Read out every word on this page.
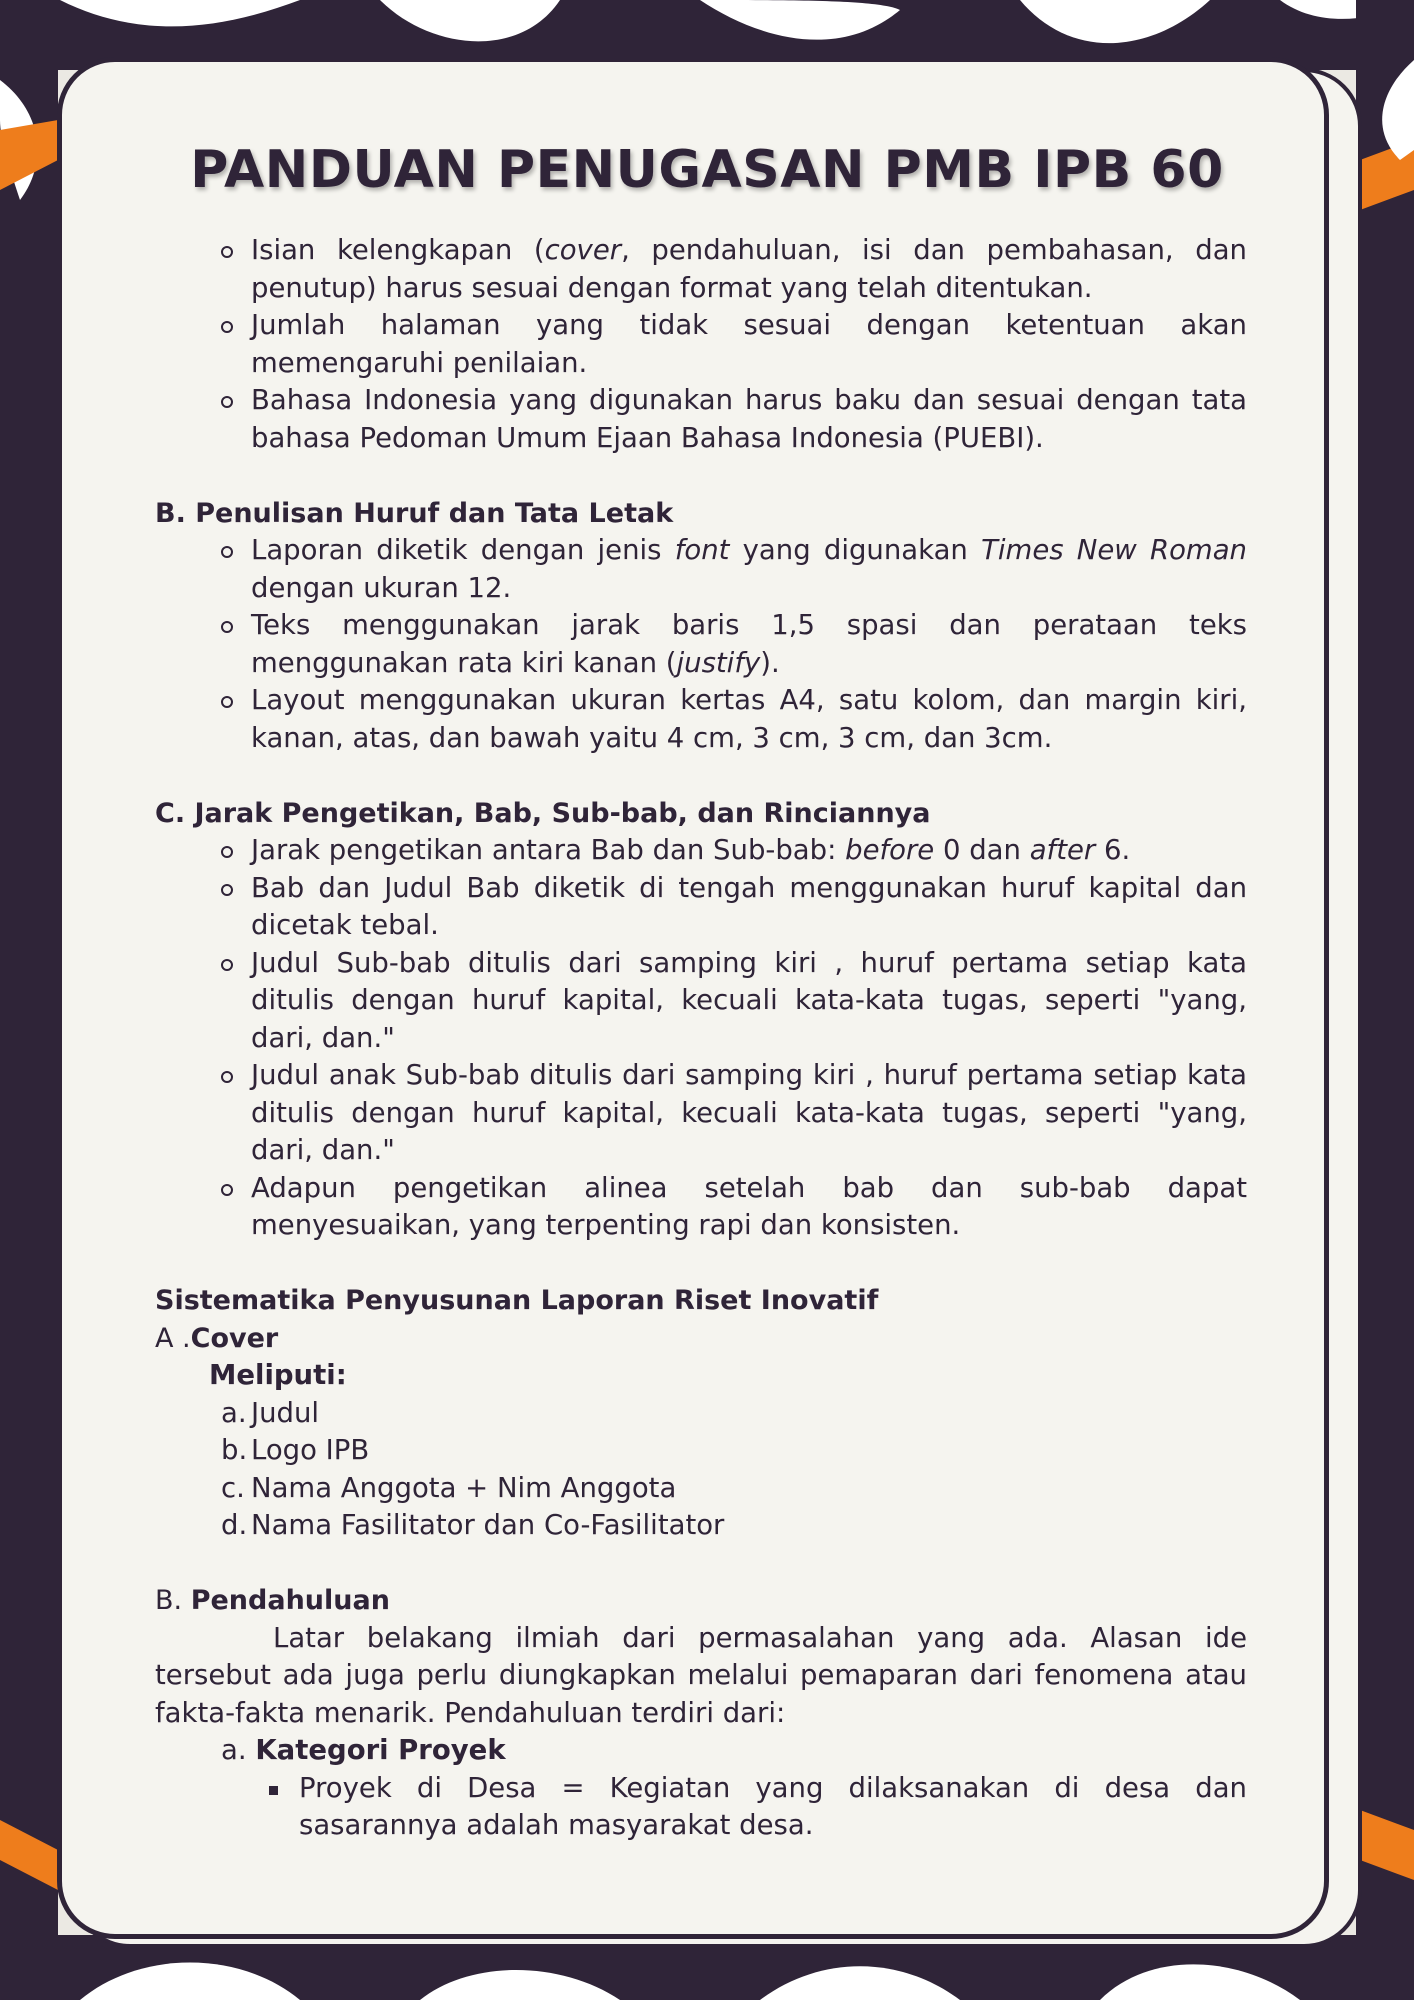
PANDUAN PENUGASAN PMB IPB 60
Isian kelengkapan (cover, pendahuluan, isi dan pembahasan, dan penutup) harus sesuai dengan format yang telah ditentukan.
Jumlah halaman yang tidak sesuai dengan ketentuan akan memengaruhi penilaian.
Bahasa Indonesia yang digunakan harus baku dan sesuai dengan tata bahasa Pedoman Umum Ejaan Bahasa Indonesia (PUEBI).

B. Penulisan Huruf dan Tata Letak

Laporan diketik dengan jenis font yang digunakan Times New Roman dengan ukuran 12.
Teks menggunakan jarak baris 1,5 spasi dan perataan teks menggunakan rata kiri kanan (justify).
Layout menggunakan ukuran kertas A4, satu kolom, dan margin kiri, kanan, atas, dan bawah yaitu 4 cm, 3 cm, 3 cm, dan 3cm.

C. Jarak Pengetikan, Bab, Sub-bab, dan Rinciannya

Jarak pengetikan antara Bab dan Sub-bab: before 0 dan after 6.
Bab dan Judul Bab diketik di tengah menggunakan huruf kapital dan dicetak tebal.
Judul Sub-bab ditulis dari samping kiri , huruf pertama setiap kata ditulis dengan huruf kapital, kecuali kata-kata tugas, seperti "yang, dari, dan."
Judul anak Sub-bab ditulis dari samping kiri , huruf pertama setiap kata ditulis dengan huruf kapital, kecuali kata-kata tugas, seperti "yang, dari, dan."
Adapun pengetikan alinea setelah bab dan sub-bab dapat menyesuaikan, yang terpenting rapi dan konsisten.

Sistematika Penyusunan Laporan Riset Inovatif

A .Cover

Meliputi:

a. Judul
b. Logo IPB
c. Nama Anggota + Nim Anggota
d. Nama Fasilitator dan Co-Fasilitator

B. Pendahuluan

Latar belakang ilmiah dari permasalahan yang ada. Alasan ide tersebut ada juga perlu diungkapkan melalui pemaparan dari fenomena atau fakta-fakta menarik. Pendahuluan terdiri dari:

a. Kategori Proyek

Proyek di Desa = Kegiatan yang dilaksanakan di desa dan sasarannya adalah masyarakat desa.
